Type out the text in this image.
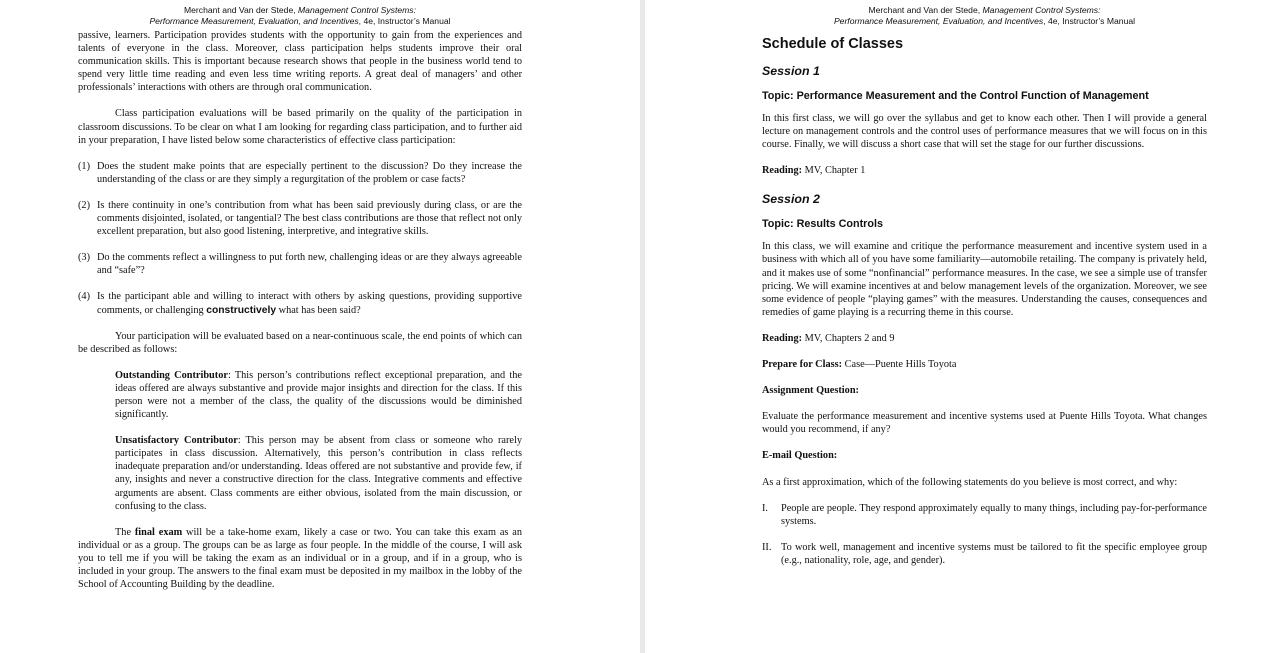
Merchant and Van der Stede, Management Control Systems:
Performance Measurement, Evaluation, and Incentives, 4e, Instructor’s Manual

passive, learners. Participation provides students with the opportunity to gain from the experiences and talents of everyone in the class. Moreover, class participation helps students improve their oral communication skills. This is important because research shows that people in the business world tend to spend very little time reading and even less time writing reports. A great deal of managers’ and other professionals’ interactions with others are through oral communication.

Class participation evaluations will be based primarily on the quality of the participation in classroom discussions. To be clear on what I am looking for regarding class participation, and to further aid in your preparation, I have listed below some characteristics of effective class participation:

(1) Does the student make points that are especially pertinent to the discussion? Do they increase the understanding of the class or are they simply a regurgitation of the problem or case facts?
(2) Is there continuity in one’s contribution from what has been said previously during class, or are the comments disjointed, isolated, or tangential? The best class contributions are those that reflect not only excellent preparation, but also good listening, interpretive, and integrative skills.
(3) Do the comments reflect a willingness to put forth new, challenging ideas or are they always agreeable and “safe”?
(4) Is the participant able and willing to interact with others by asking questions, providing supportive comments, or challenging constructively what has been said?

Your participation will be evaluated based on a near-continuous scale, the end points of which can be described as follows:

Outstanding Contributor: This person’s contributions reflect exceptional preparation, and the ideas offered are always substantive and provide major insights and direction for the class. If this person were not a member of the class, the quality of the discussions would be diminished significantly.

Unsatisfactory Contributor: This person may be absent from class or someone who rarely participates in class discussion. Alternatively, this person’s contribution in class reflects inadequate preparation and/or understanding. Ideas offered are not substantive and provide few, if any, insights and never a constructive direction for the class. Integrative comments and effective arguments are absent. Class comments are either obvious, isolated from the main discussion, or confusing to the class.

The final exam will be a take-home exam, likely a case or two. You can take this exam as an individual or as a group. The groups can be as large as four people. In the middle of the course, I will ask you to tell me if you will be taking the exam as an individual or in a group, and if in a group, who is included in your group. The answers to the final exam must be deposited in my mailbox in the lobby of the School of Accounting Building by the deadline.

Merchant and Van der Stede, Management Control Systems:
Performance Measurement, Evaluation, and Incentives, 4e, Instructor’s Manual
Schedule of Classes
Session 1
Topic: Performance Measurement and the Control Function of Management

In this first class, we will go over the syllabus and get to know each other. Then I will provide a general lecture on management controls and the control uses of performance measures that we will focus on in this course. Finally, we will discuss a short case that will set the stage for our further discussions.

Reading: MV, Chapter 1

Session 2
Topic: Results Controls

In this class, we will examine and critique the performance measurement and incentive system used in a business with which all of you have some familiarity—automobile retailing. The company is privately held, and it makes use of some “nonfinancial” performance measures. In the case, we see a simple use of transfer pricing. We will examine incentives at and below management levels of the organization. Moreover, we see some evidence of people “playing games” with the measures. Understanding the causes, consequences and remedies of game playing is a recurring theme in this course.

Reading: MV, Chapters 2 and 9

Prepare for Class: Case—Puente Hills Toyota

Assignment Question:

Evaluate the performance measurement and incentive systems used at Puente Hills Toyota. What changes would you recommend, if any?

E-mail Question:

As a first approximation, which of the following statements do you believe is most correct, and why:

I.	People are people. They respond approximately equally to many things, including pay-for-performance systems.
II. To work well, management and incentive systems must be tailored to fit the specific employee group (e.g., nationality, role, age, and gender).
